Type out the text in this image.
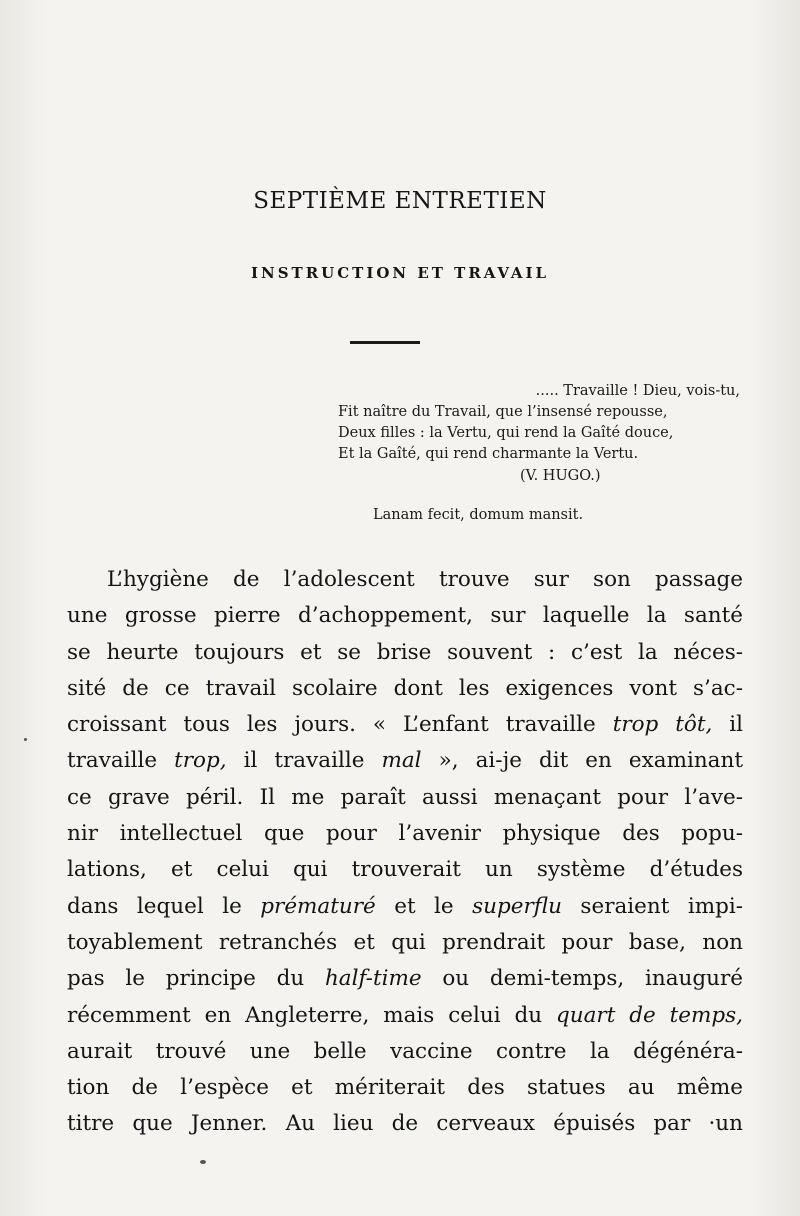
SEPTIÈME ENTRETIEN
INSTRUCTION ET TRAVAIL
..... Travaille ! Dieu, vois-tu,
Fit naître du Travail, que l’insensé repousse,
Deux filles : la Vertu, qui rend la Gaîté douce,
Et la Gaîté, qui rend charmante la Vertu.
(V. HUGO.)
Lanam fecit, domum mansit.
L’hygiène de l’adolescent trouve sur son passage
une grosse pierre d’achoppement, sur laquelle la santé
se heurte toujours et se brise souvent : c’est la néces-
sité de ce travail scolaire dont les exigences vont s’ac-
croissant tous les jours. « L’enfant travaille trop tôt, il
travaille trop, il travaille mal », ai-je dit en examinant
ce grave péril. Il me paraît aussi menaçant pour l’ave-
nir intellectuel que pour l’avenir physique des popu-
lations, et celui qui trouverait un système d’études
dans lequel le prématuré et le superflu seraient impi-
toyablement retranchés et qui prendrait pour base, non
pas le principe du half-time ou demi-temps, inauguré
récemment en Angleterre, mais celui du quart de temps,
aurait trouvé une belle vaccine contre la dégénéra-
tion de l’espèce et mériterait des statues au même
titre que Jenner. Au lieu de cerveaux épuisés par ·un
